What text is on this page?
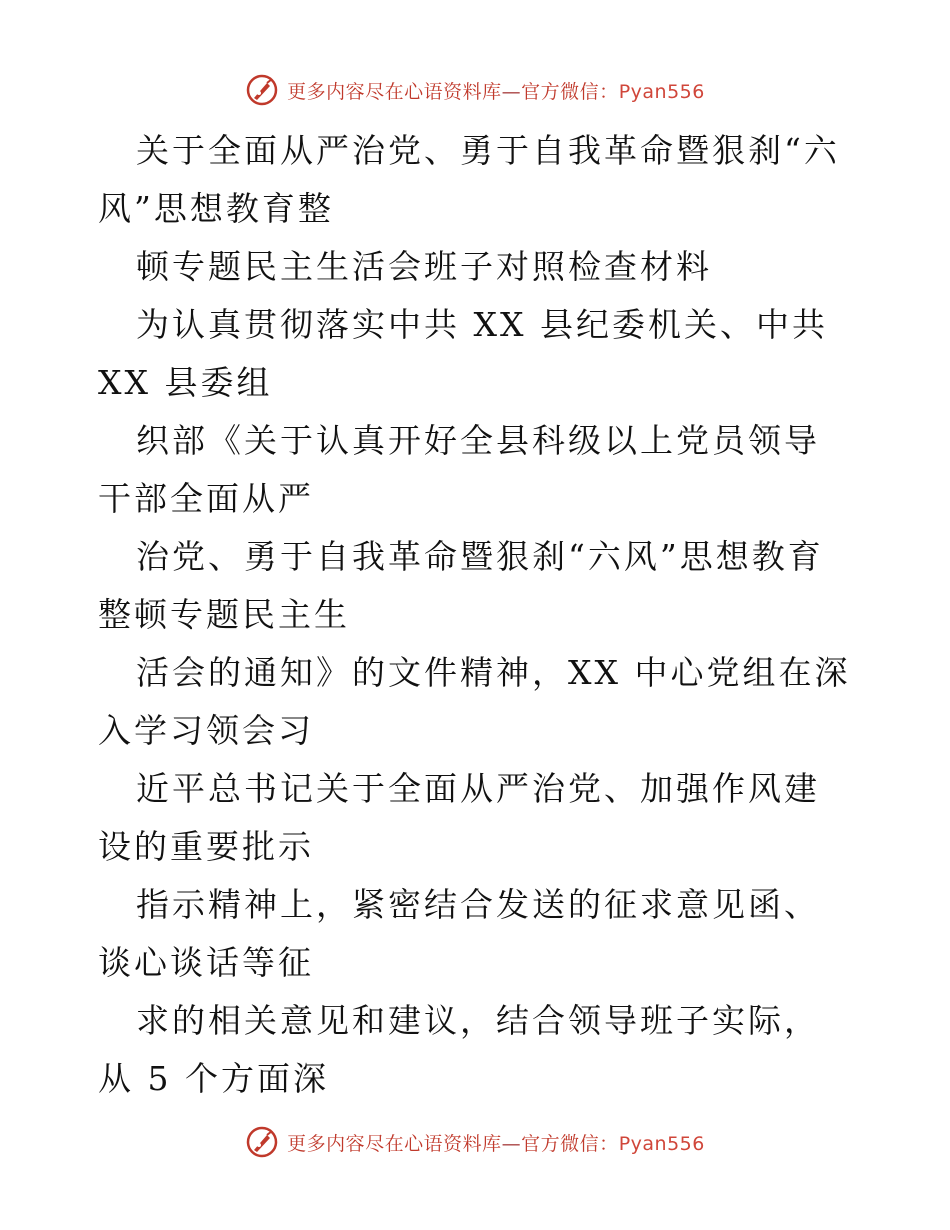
更多内容尽在心语资料库—官方微信：Pyan556

关于全面从严治党、勇于自我革命暨狠刹“六风”思想教育整

顿专题民主生活会班子对照检查材料

为认真贯彻落实中共 XX 县纪委机关、中共 XX 县委组

织部《关于认真开好全县科级以上党员领导干部全面从严

治党、勇于自我革命暨狠刹“六风”思想教育整顿专题民主生

活会的通知》的文件精神，XX 中心党组在深入学习领会习

近平总书记关于全面从严治党、加强作风建设的重要批示

指示精神上，紧密结合发送的征求意见函、谈心谈话等征

求的相关意见和建议，结合领导班子实际，从 5 个方面深

更多内容尽在心语资料库—官方微信：Pyan556
